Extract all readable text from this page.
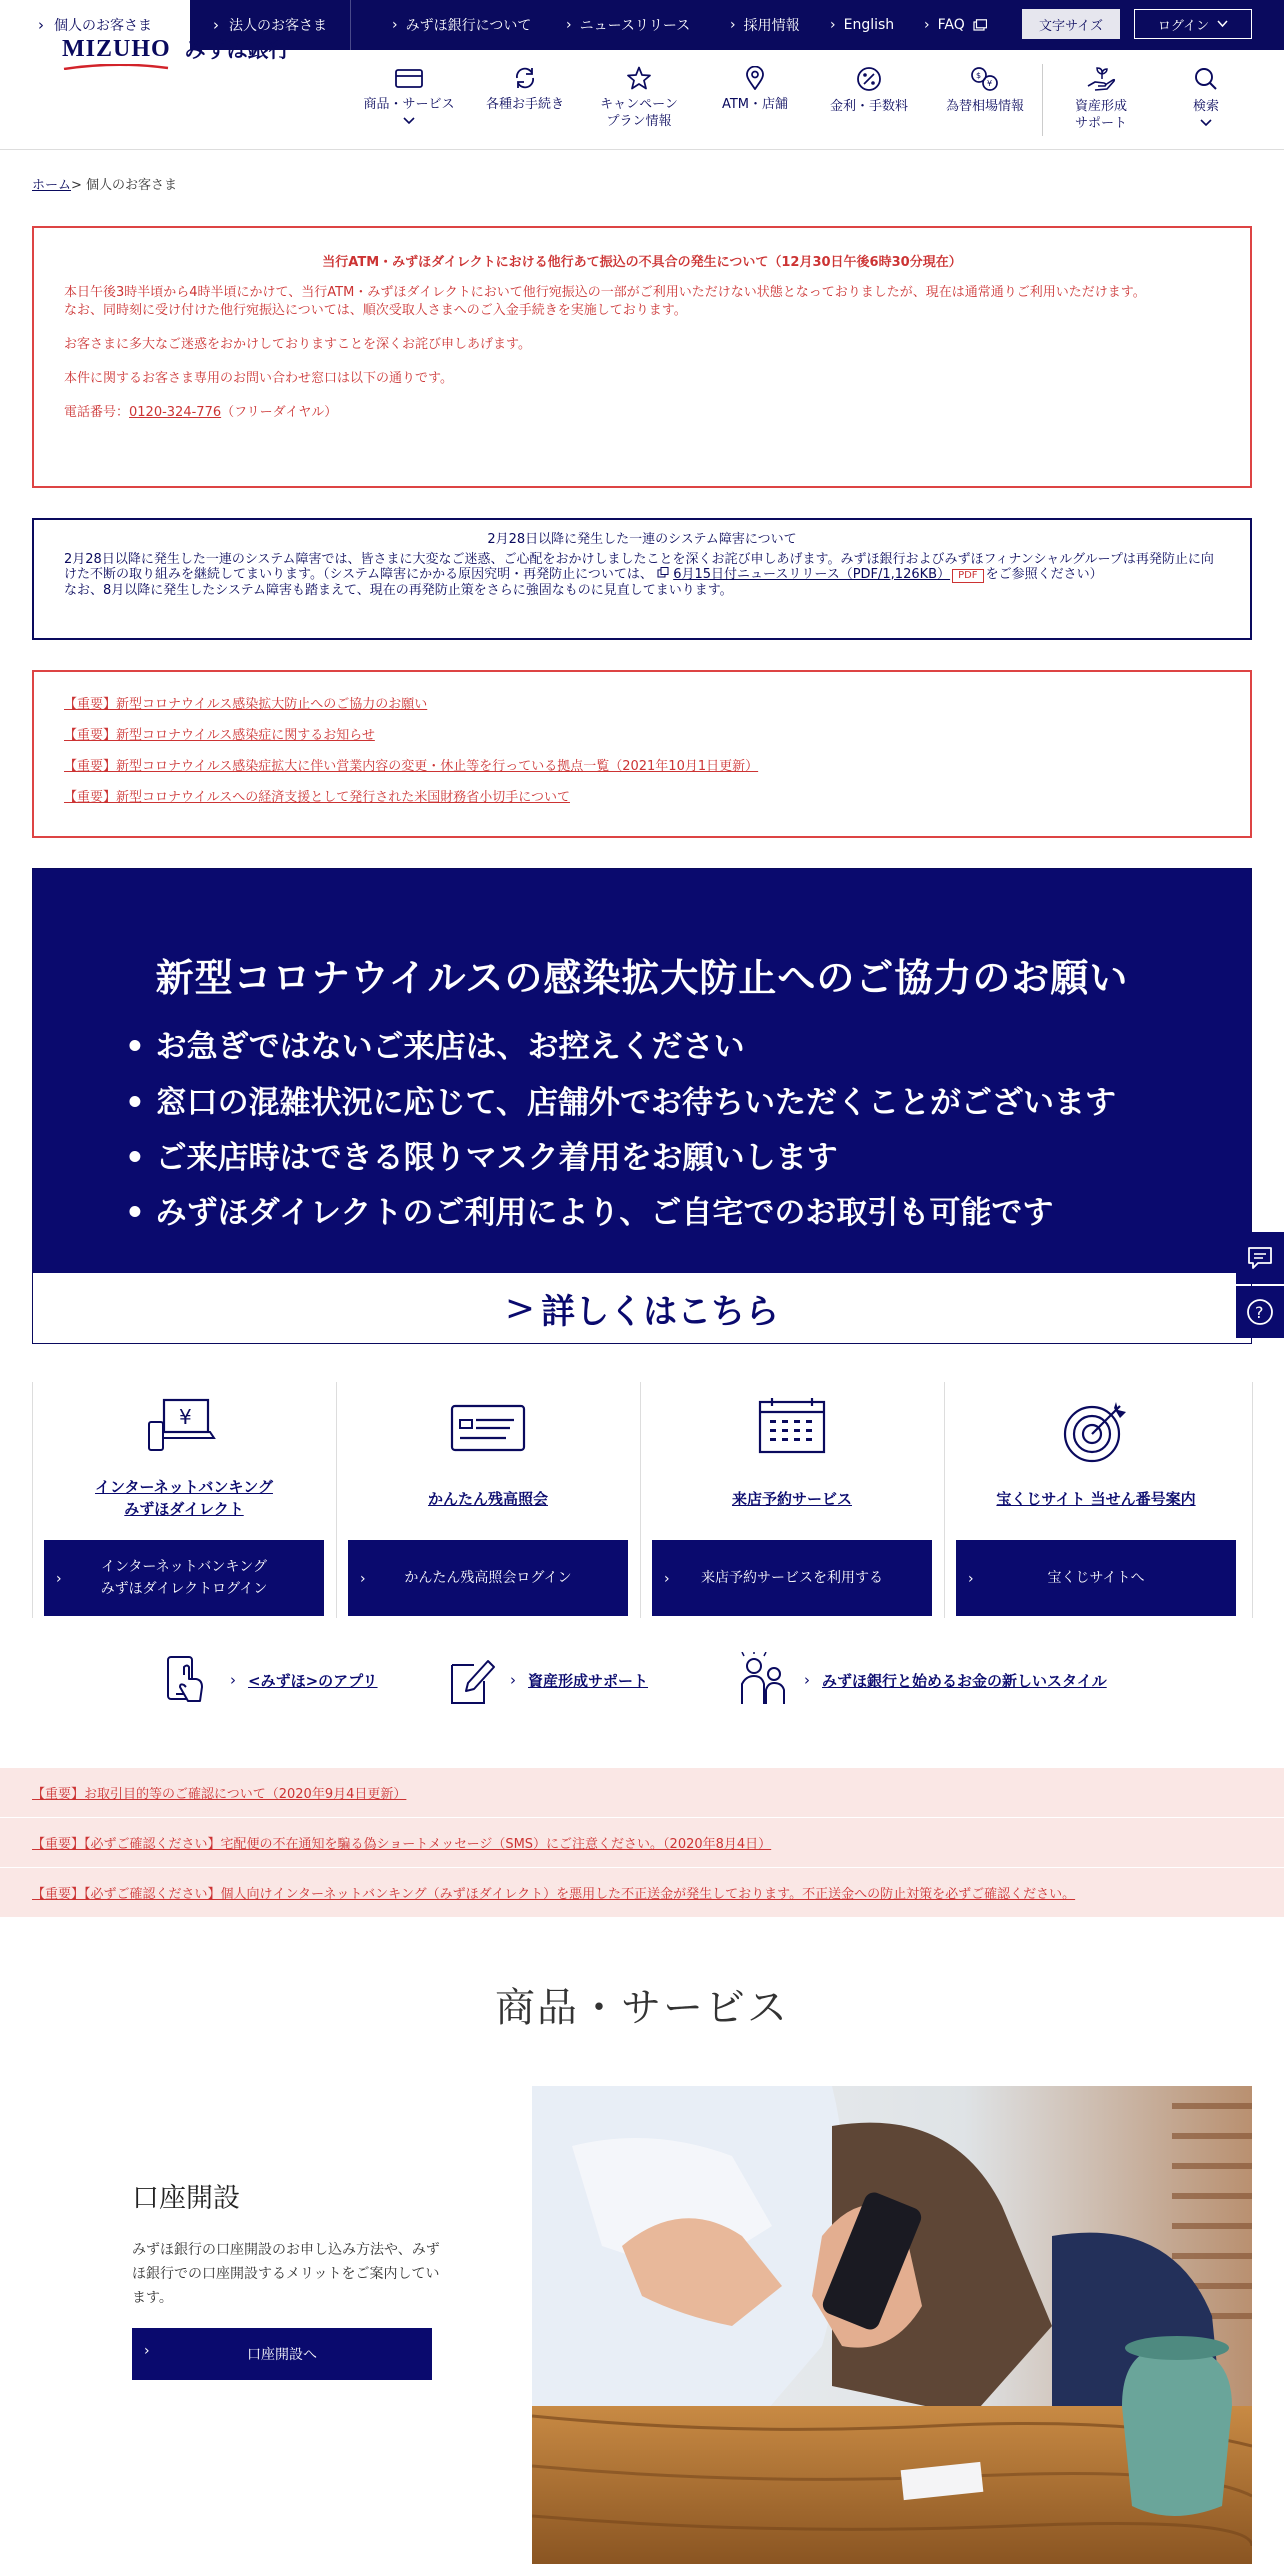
› 個人のお客さま	› 法人のお客さま	› みずほ銀行について › ニュースリリース	› 採用情報 › English › FAQ	文字サイズ	ログイン
MIZUHO みずほ銀行
商品・サービス 各種お手続き	キャンペーン
プラン情報
ATM・店舗	金利・手数料
$
¥
為替相場情報	資産形成
サポート
検索
ホーム> 個人のお客さま
当行ATM・みずほダイレクトにおける他行あて振込の不具合の発生について（12月30日午後6時30分現在）

本日午後3時半頃から4時半頃にかけて、当行ATM・みずほダイレクトにおいて他行宛振込の一部がご利用いただけない状態となっておりましたが、現在は通常通りご利用いただけます。

なお、同時刻に受け付けた他行宛振込については、順次受取人さまへのご入金手続きを実施しております。

お客さまに多大なご迷惑をおかけしておりますことを深くお詫び申しあげます。

本件に関するお客さま専用のお問い合わせ窓口は以下の通りです。

電話番号：0120-324-776（フリーダイヤル）

2月28日以降に発生した一連のシステム障害について
2月28日以降に発生した一連のシステム障害では、皆さまに大変なご迷惑、ご心配をおかけしましたことを深くお詫び申しあげます。みずほ銀行およびみずほフィナンシャルグループは再発防止に向けた不断の取り組みを継続してまいります。（システム障害にかかる原因究明・再発防止については、 6月15日付ニュースリリース（PDF/1,126KB） PDF をご参照ください）
なお、8月以降に発生したシステム障害も踏まえて、現在の再発防止策をさらに強固なものに見直してまいります。
【重要】新型コロナウイルス感染拡大防止へのご協力のお願い
【重要】新型コロナウイルス感染症に関するお知らせ
【重要】新型コロナウイルス感染症拡大に伴い営業内容の変更・休止等を行っている拠点一覧（2021年10月1日更新）
【重要】新型コロナウイルスへの経済支援として発行された米国財務省小切手について
新型コロナウイルスの感染拡大防止へのご協力のお願い
• お急ぎではないご来店は、お控えください
• 窓口の混雑状況に応じて、店舗外でお待ちいただくことがございます
• ご来店時はできる限りマスク着用をお願いします
• みずほダイレクトのご利用により、ご自宅でのお取引も可能です
> 詳しくはこちら	?
¥
インターネットバンキング
みずほダイレクト
›
インターネットバンキング
みずほダイレクトログイン
かんたん残高照会
›	かんたん残高照会ログイン
来店予約サービス
› 来店予約サービスを利用する
宝くじサイト 当せん番号案内
›	宝くじサイトへ
› <みずほ>のアプリ	› 資産形成サポート	› みずほ銀行と始めるお金の新しいスタイル
【重要】お取引目的等のご確認について（2020年9月4日更新）
【重要】【必ずご確認ください】宅配便の不在通知を騙る偽ショートメッセージ（SMS）にご注意ください。（2020年8月4日）
【重要】【必ずご確認ください】個人向けインターネットバンキング（みずほダイレクト）を悪用した不正送金が発生しております。不正送金への防止対策を必ずご確認ください。
商品・サービス
口座開設
みずほ銀行の口座開設のお申し込み方法や、みずほ銀行での口座開設するメリットをご案内しています。
›	口座開設へ
